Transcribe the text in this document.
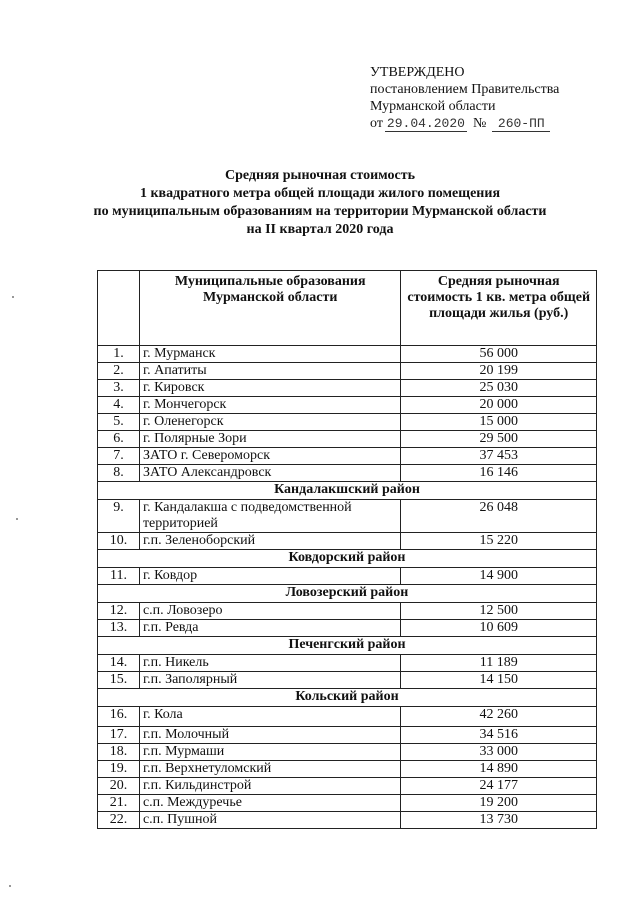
УТВЕРЖДЕНО
постановлением Правительства
Мурманской области
от 29.04.2020 № 260-ПП
Средняя рыночная стоимость
1 квадратного метра общей площади жилого помещения
по муниципальным образованиям на территории Мурманской области
на II квартал 2020 года
	Муниципальные образования Мурманской области	Средняя рыночная стоимость 1 кв. метра общей площади жилья (руб.)
1.	г. Мурманск	56 000
2.	г. Апатиты	20 199
3.	г. Кировск	25 030
4.	г. Мончегорск	20 000
5.	г. Оленегорск	15 000
6.	г. Полярные Зори	29 500
7.	ЗАТО г. Североморск	37 453
8.	ЗАТО Александровск	16 146
Кандалакшский район		
9.	г. Кандалакша с подведомственной территорией	26 048
10.	г.п. Зеленоборский	15 220
Ковдорский район		
11.	г. Ковдор	14 900
Ловозерский район		
12.	с.п. Ловозеро	12 500
13.	г.п. Ревда	10 609
Печенгский район		
14.	г.п. Никель	11 189
15.	г.п. Заполярный	14 150
Кольский район		
16.	г. Кола	42 260
17.	г.п. Молочный	34 516
18.	г.п. Мурмаши	33 000
19.	г.п. Верхнетуломский	14 890
20.	г.п. Кильдинстрой	24 177
21.	с.п. Междуречье	19 200
22.	с.п. Пушной	13 730
